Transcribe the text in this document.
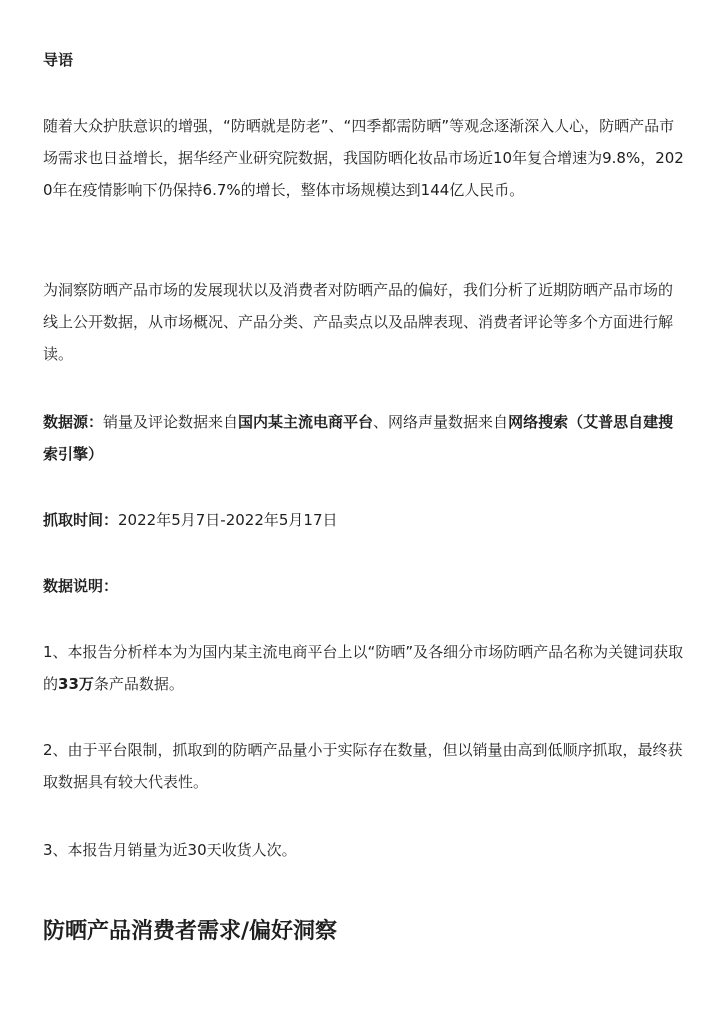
导语

随着大众护肤意识的增强，“防晒就是防老”、“四季都需防晒”等观念逐渐深入人心，防晒产品市场需求也日益增长，据华经产业研究院数据，我国防晒化妆品市场近10年复合增速为9.8%，2020年在疫情影响下仍保持6.7%的增长，整体市场规模达到144亿人民币。

为洞察防晒产品市场的发展现状以及消费者对防晒产品的偏好，我们分析了近期防晒产品市场的线上公开数据，从市场概况、产品分类、产品卖点以及品牌表现、消费者评论等多个方面进行解读。

数据源：销量及评论数据来自国内某主流电商平台、网络声量数据来自网络搜索（艾普思自建搜索引擎）

抓取时间：2022年5月7日-2022年5月17日

数据说明：

1、本报告分析样本为为国内某主流电商平台上以“防晒”及各细分市场防晒产品名称为关键词获取的33万条产品数据。

2、由于平台限制，抓取到的防晒产品量小于实际存在数量，但以销量由高到低顺序抓取，最终获取数据具有较大代表性。

3、本报告月销量为近30天收货人次。

防晒产品消费者需求/偏好洞察
